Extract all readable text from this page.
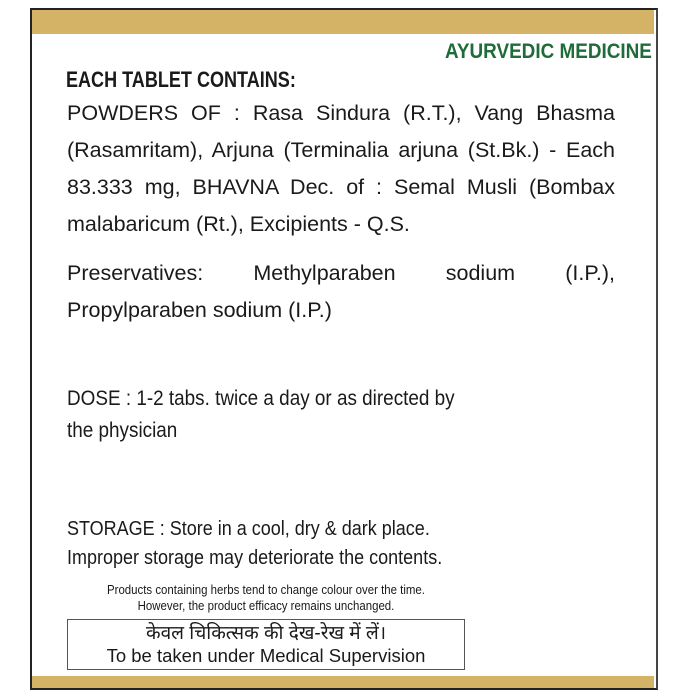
AYURVEDIC MEDICINE
EACH TABLET CONTAINS:
POWDERS OF : Rasa Sindura (R.T.), Vang Bhasma
(Rasamritam), Arjuna (Terminalia arjuna (St.Bk.) - Each
83.333 mg, BHAVNA Dec. of : Semal Musli (Bombax
malabaricum (Rt.), Excipients - Q.S.
Preservatives: Methylparaben sodium (I.P.),
Propylparaben sodium (I.P.)
DOSE : 1-2 tabs. twice a day or as directed by
the physician
STORAGE : Store in a cool, dry & dark place.
Improper storage may deteriorate the contents.
Products containing herbs tend to change colour over the time.
However, the product efficacy remains unchanged.
केवल चिकित्सक की देख-रेख में लें।
To be taken under Medical Supervision
